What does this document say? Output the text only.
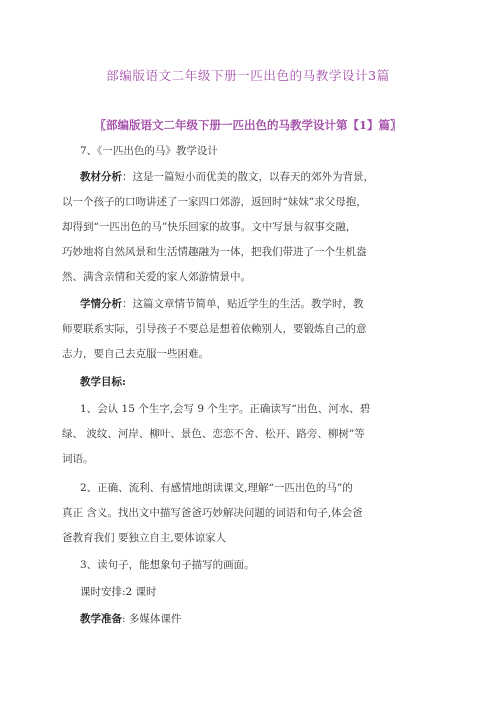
部编版语文二年级下册一匹出色的马教学设计3篇
〖部编版语文二年级下册一匹出色的马教学设计第【1】篇〗
7、《一匹出色的马》教学设计
教材分析：这是一篇短小而优美的散文，以春天的郊外为背景，
以一个孩子的口吻讲述了一家四口郊游，返回时“妹妹”求父母抱，
却得到“一匹出色的马”快乐回家的故事。文中写景与叙事交融，
巧妙地将自然风景和生活情趣融为一体，把我们带进了一个生机盎
然、满含亲情和关爱的家人郊游情景中。
学情分析：这篇文章情节简单，贴近学生的生活。教学时，教
师要联系实际，引导孩子不要总是想着依赖别人，要锻炼自己的意
志力，要自己去克服一些困难。
教学目标:
1、会认 15 个生字,会写 9 个生字。正确读写“出色、河水、碧
绿、 波纹、河岸、柳叶、景色、恋恋不舍、松开、路旁、柳树”等
词语。
2、正确、流利、有感情地朗读课文,理解“一匹出色的马”的
真正 含义。找出文中描写爸爸巧妙解决问题的词语和句子,体会爸
爸教育我们 要独立自主,要体谅家人
3、读句子，能想象句子描写的画面。
课时安排:2 课时
教学准备: 多媒体课件
